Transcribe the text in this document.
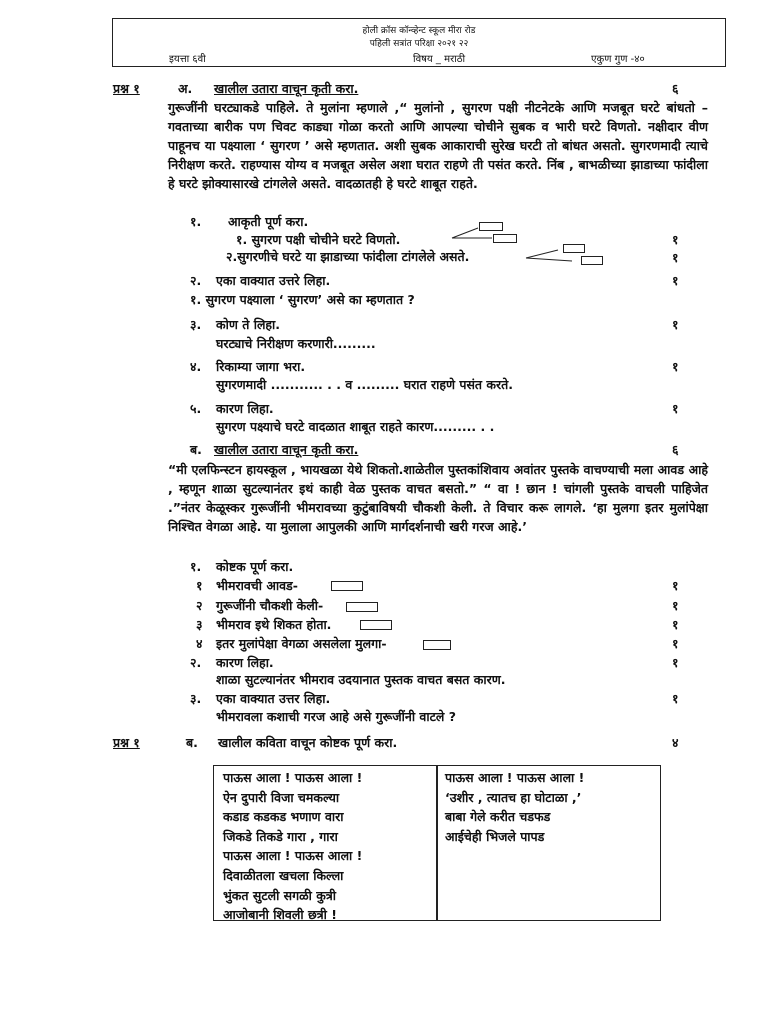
होली क्रॉस कॉन्व्हेन्ट स्कूल मीरा रोड
पहिली सत्रांत परिक्षा २०२१ २२
इयत्ता ६वी	विषय _ मराठी	एकुण गुण -४०
प्रश्न १	अ. खालील उतारा वाचून कृती करा.	६
गुरूजींनी घरट्याकडे पाहिले. ते मुलांना म्हणाले ,“ मुलांनो , सुगरण पक्षी नीटनेटके आणि मजबूत घरटे बांधतो – गवताच्या बारीक पण चिवट काड्या गोळा करतो आणि आपल्या चोचीने सुबक व भारी घरटे विणतो. नक्षीदार वीण पाहूनच या पक्ष्याला ‘ सुगरण ’ असे म्हणतात. अशी सुबक आकाराची सुरेख घरटी तो बांधत असतो. सुगरणमादी त्याचे निरीक्षण करते. राहण्यास योग्य व मजबूत असेल अशा घरात राहणे ती पसंत करते. निंब , बाभळीच्या झाडाच्या फांदीला हे घरटे झोक्यासारखे टांगलेले असते. वादळातही हे घरटे शाबूत राहते.
१. आकृती पूर्ण करा.
१. सुगरण पक्षी चोचीने घरटे विणतो.	१
२.सुगरणीचे घरटे या झाडाच्या फांदीला टांगलेले असते.	१
२. एका वाक्यात उत्तरे लिहा.	१
१. सुगरण पक्ष्याला ‘ सुगरण’ असे का म्हणतात ?
३. कोण ते लिहा.	१
घरट्याचे निरीक्षण करणारी.........
४. रिकाम्या जागा भरा.	१
सुगरणमादी ........... . . व ......... घरात राहणे पसंत करते.
५. कारण लिहा.	१
सुगरण पक्ष्याचे घरटे वादळात शाबूत राहते कारण......... . .
ब. खालील उतारा वाचून कृती करा.	६
“मी एलफिन्स्टन हायस्कूल , भायखळा येथे शिकतो.शाळेतील पुस्तकांशिवाय अवांतर पुस्तके वाचण्याची मला आवड आहे , म्हणून शाळा सुटल्यानंतर इथं काही वेळ पुस्तक वाचत बसतो.” “ वा ! छान ! चांगली पुस्तके वाचली पाहिजेत .”नंतर केळूस्कर गुरूजींनी भीमरावच्या कुटुंबाविषयी चौकशी केली. ते विचार करू लागले. ‘हा मुलगा इतर मुलांपेक्षा निश्चित वेगळा आहे. या मुलाला आपुलकी आणि मार्गदर्शनाची खरी गरज आहे.’
१. कोष्टक पूर्ण करा.
१ भीमरावची आवड-	१
२ गुरूजींनी चौकशी केली-	१
३ भीमराव इथे शिकत होता.	१
४ इतर मुलांपेक्षा वेगळा असलेला मुलगा-	१
२. कारण लिहा.	१
शाळा सुटल्यानंतर भीमराव उदयानात पुस्तक वाचत बसत कारण.
३. एका वाक्यात उत्तर लिहा.	१
भीमरावला कशाची गरज आहे असे गुरूजींनी वाटले ?
प्रश्न १	ब. खालील कविता वाचून कोष्टक पूर्ण करा.	४
पाऊस आला ! पाऊस आला !
ऐन दुपारी विजा चमकल्या
कडाड कडकड भणाण वारा
जिकडे तिकडे गारा , गारा
पाऊस आला ! पाऊस आला !
दिवाळीतला खचला किल्ला
भुंकत सुटली सगळी कुत्री
आजोबानी शिवली छत्री !
पाऊस आला ! पाऊस आला !
‘उशीर , त्यातच हा घोटाळा ,’
बाबा गेले करीत चडफड
आईचेही भिजले पापड
